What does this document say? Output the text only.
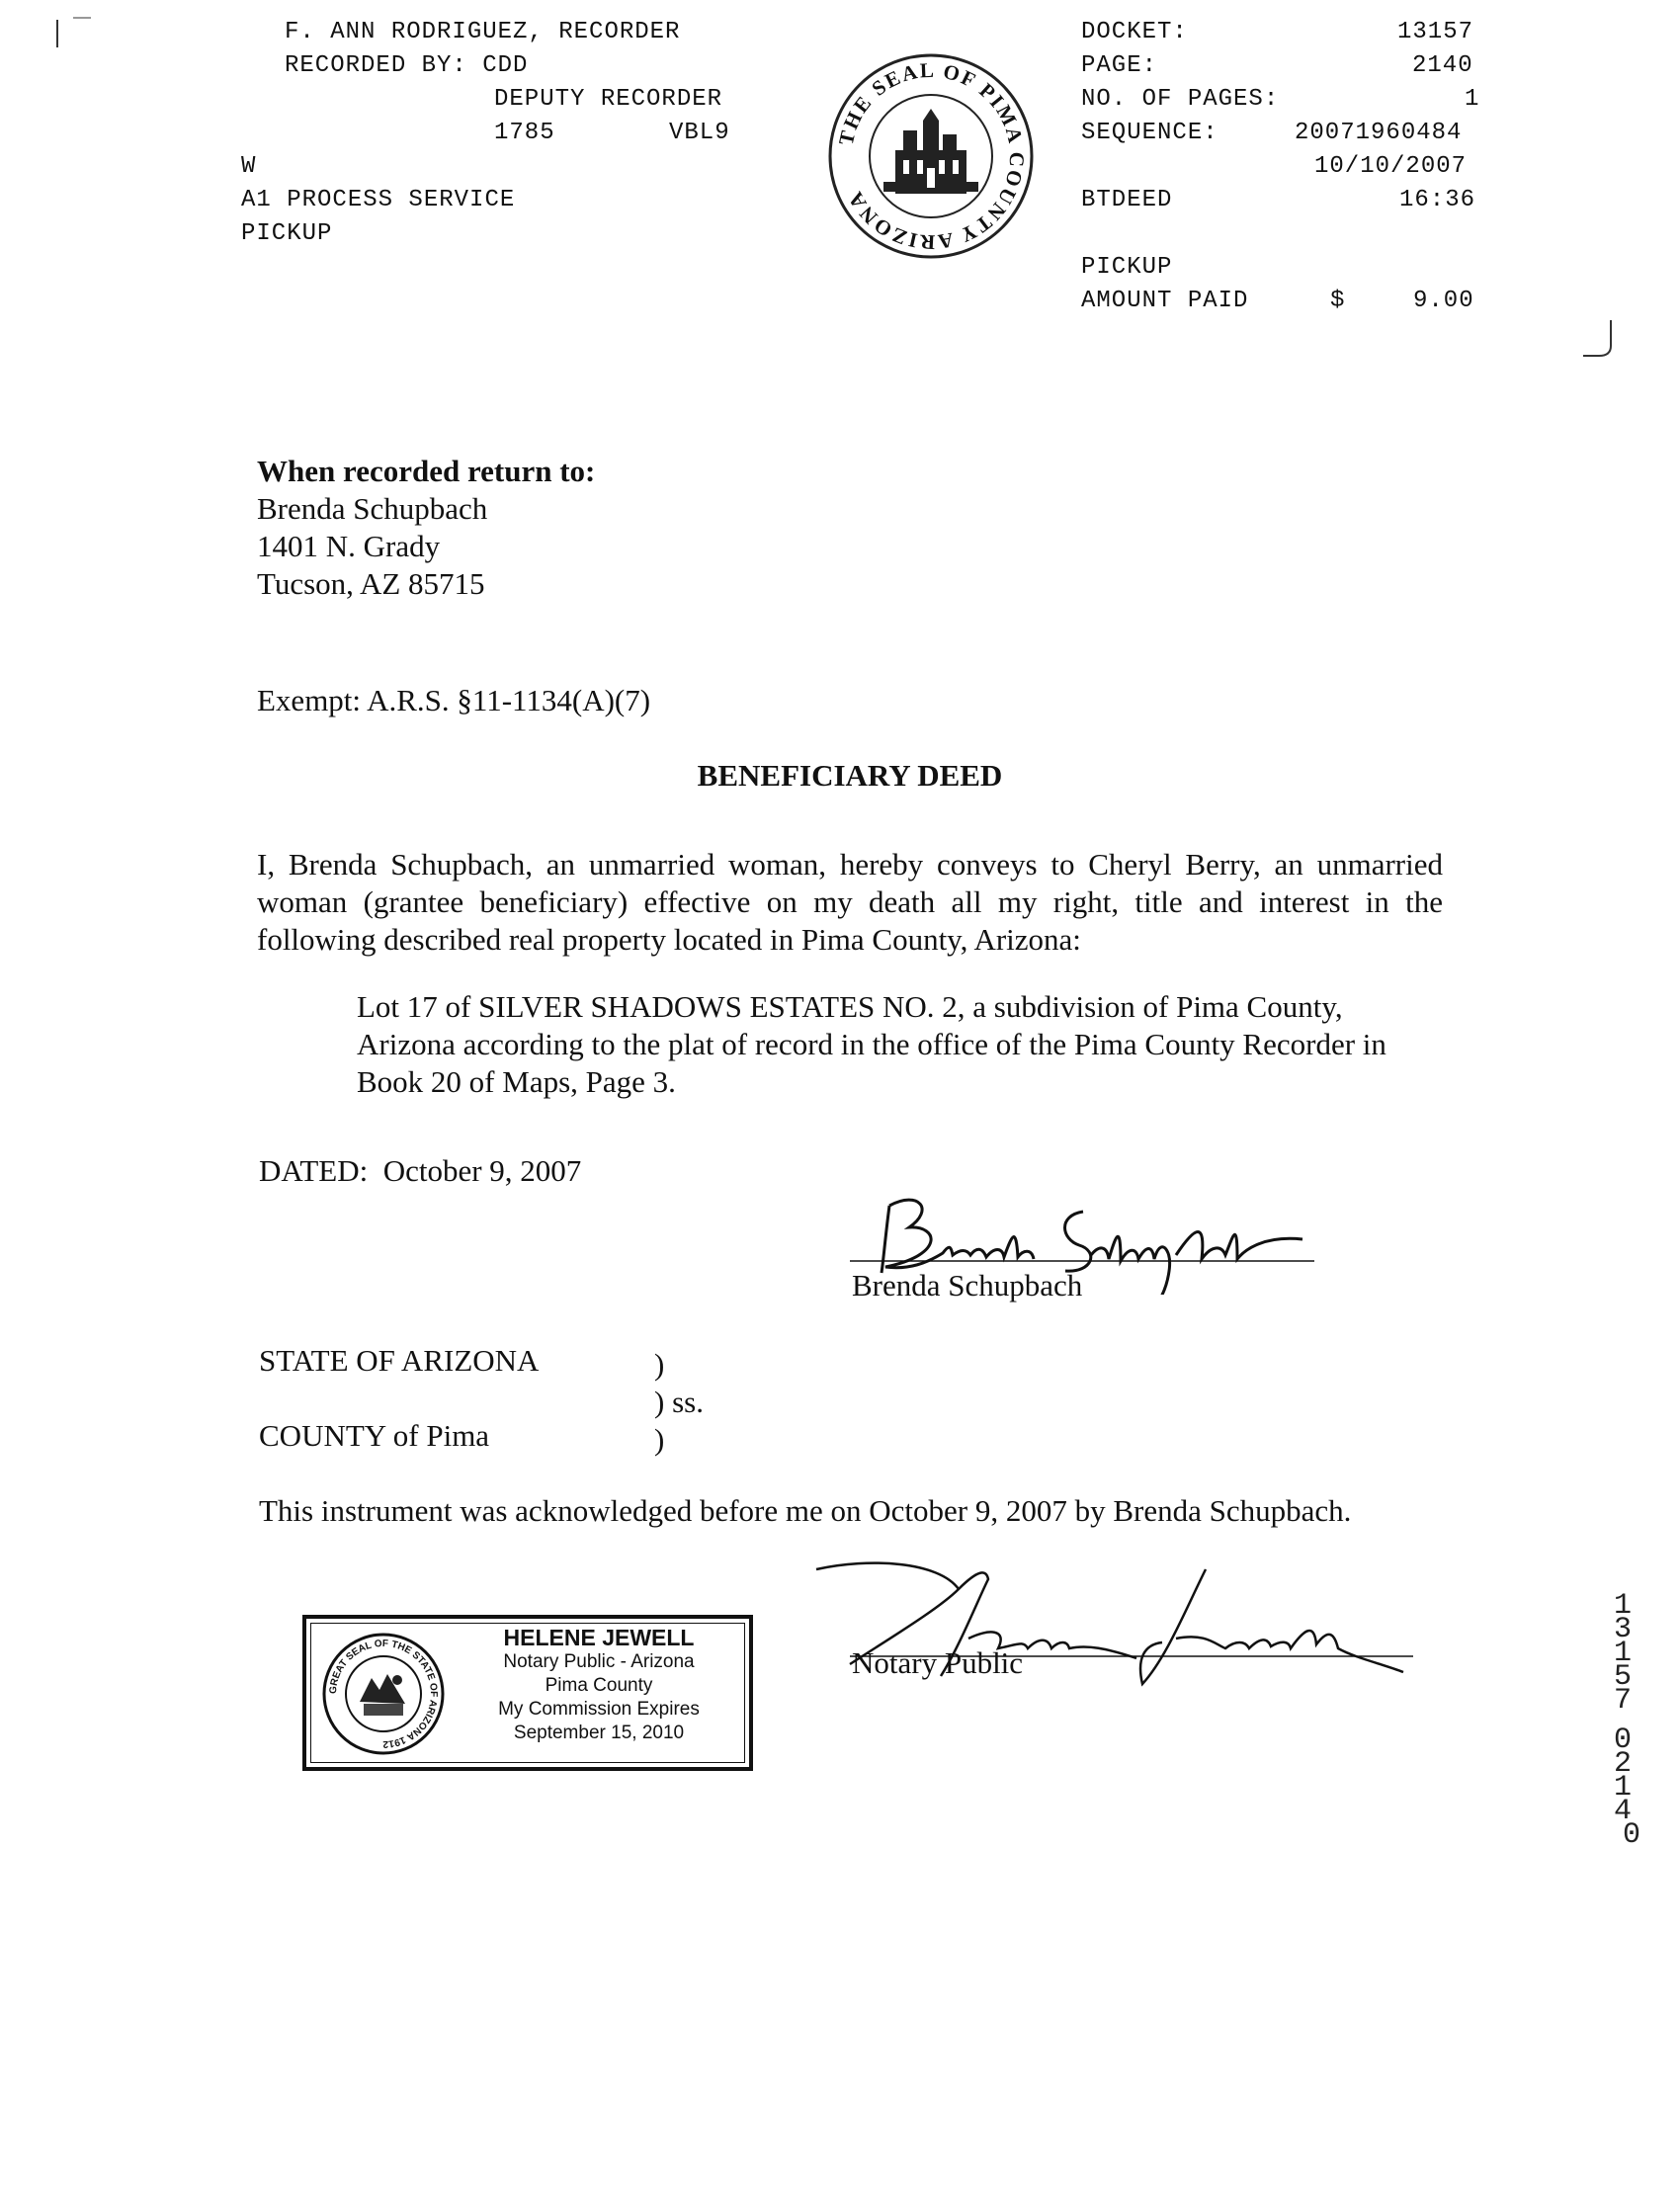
F. ANN RODRIGUEZ, RECORDER
RECORDED BY: CDD
DEPUTY RECORDER
1785	VBL9
W
A1 PROCESS SERVICE
PICKUP
THE SEAL OF PIMA COUNTY ARIZONA
DOCKET:	13157
PAGE:	2140
NO. OF PAGES:	1
SEQUENCE:	20071960484
10/10/2007
BTDEED	16:36
PICKUP
AMOUNT PAID	$	9.00
When recorded return to:
Brenda Schupbach
1401 N. Grady
Tucson, AZ 85715
Exempt: A.R.S. §11-1134(A)(7)
BENEFICIARY DEED
I, Brenda Schupbach, an unmarried woman, hereby conveys to Cheryl Berry, an unmarried woman (grantee beneficiary) effective on my death all my right, title and interest in the following described real property located in Pima County, Arizona:
Lot 17 of SILVER SHADOWS ESTATES NO. 2, a subdivision of Pima County, Arizona according to the plat of record in the office of the Pima County Recorder in Book 20 of Maps, Page 3.
DATED:  October 9, 2007
Brenda Schupbach
STATE OF ARIZONA	)
) ss.
COUNTY of Pima	)
This instrument was acknowledged before me on October 9, 2007 by Brenda Schupbach.
GREAT SEAL OF THE STATE OF ARIZONA 1912
HELENE JEWELL
Notary Public - Arizona
Pima County
My Commission Expires
September 15, 2010
Notary Public
1 3 1 5 7 0 2 1 4 0
